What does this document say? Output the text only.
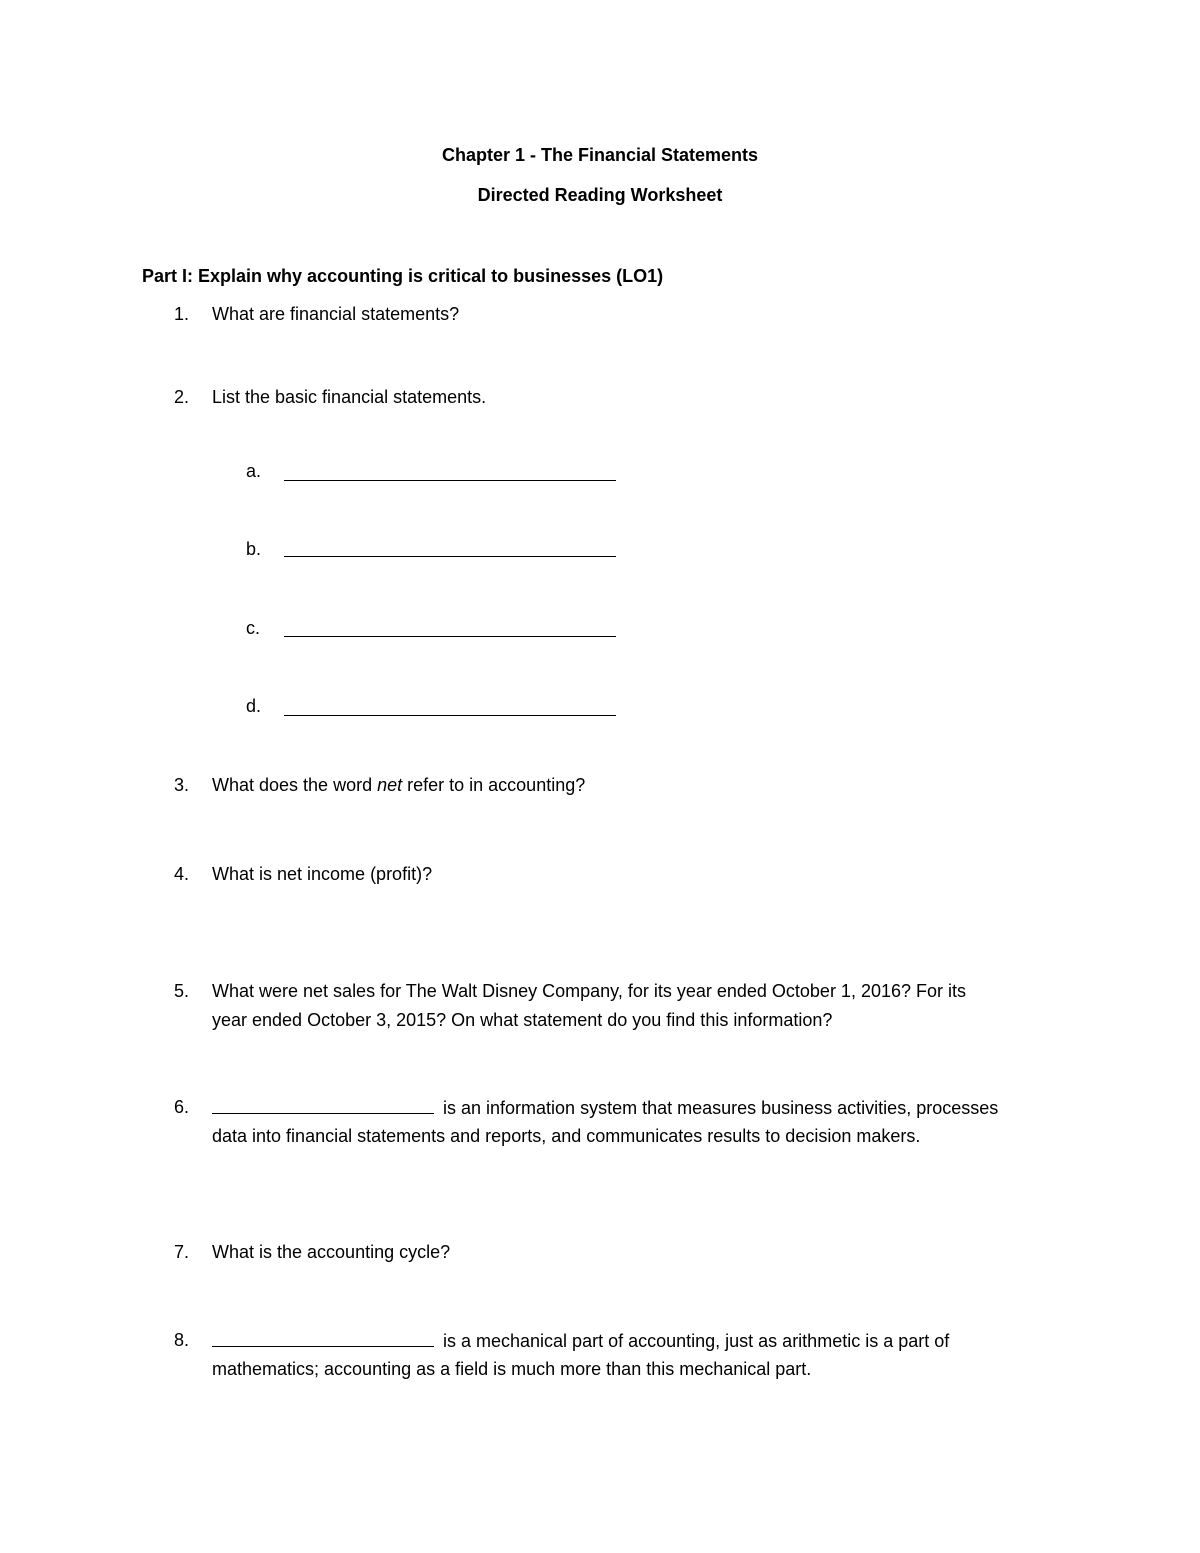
Chapter 1 - The Financial Statements
Directed Reading Worksheet
Part I: Explain why accounting is critical to businesses (LO1)
1.	What are financial statements?
2.	List the basic financial statements.
a.
b.
c.
d.
3.	What does the word net refer to in accounting?
4.	What is net income (profit)?
5.	What were net sales for The Walt Disney Company, for its year ended October 1, 2016? For its
year ended October 3, 2015? On what statement do you find this information?
6.	is an information system that measures business activities, processes
data into financial statements and reports, and communicates results to decision makers.
7.	What is the accounting cycle?
8.	is a mechanical part of accounting, just as arithmetic is a part of
mathematics; accounting as a field is much more than this mechanical part.
